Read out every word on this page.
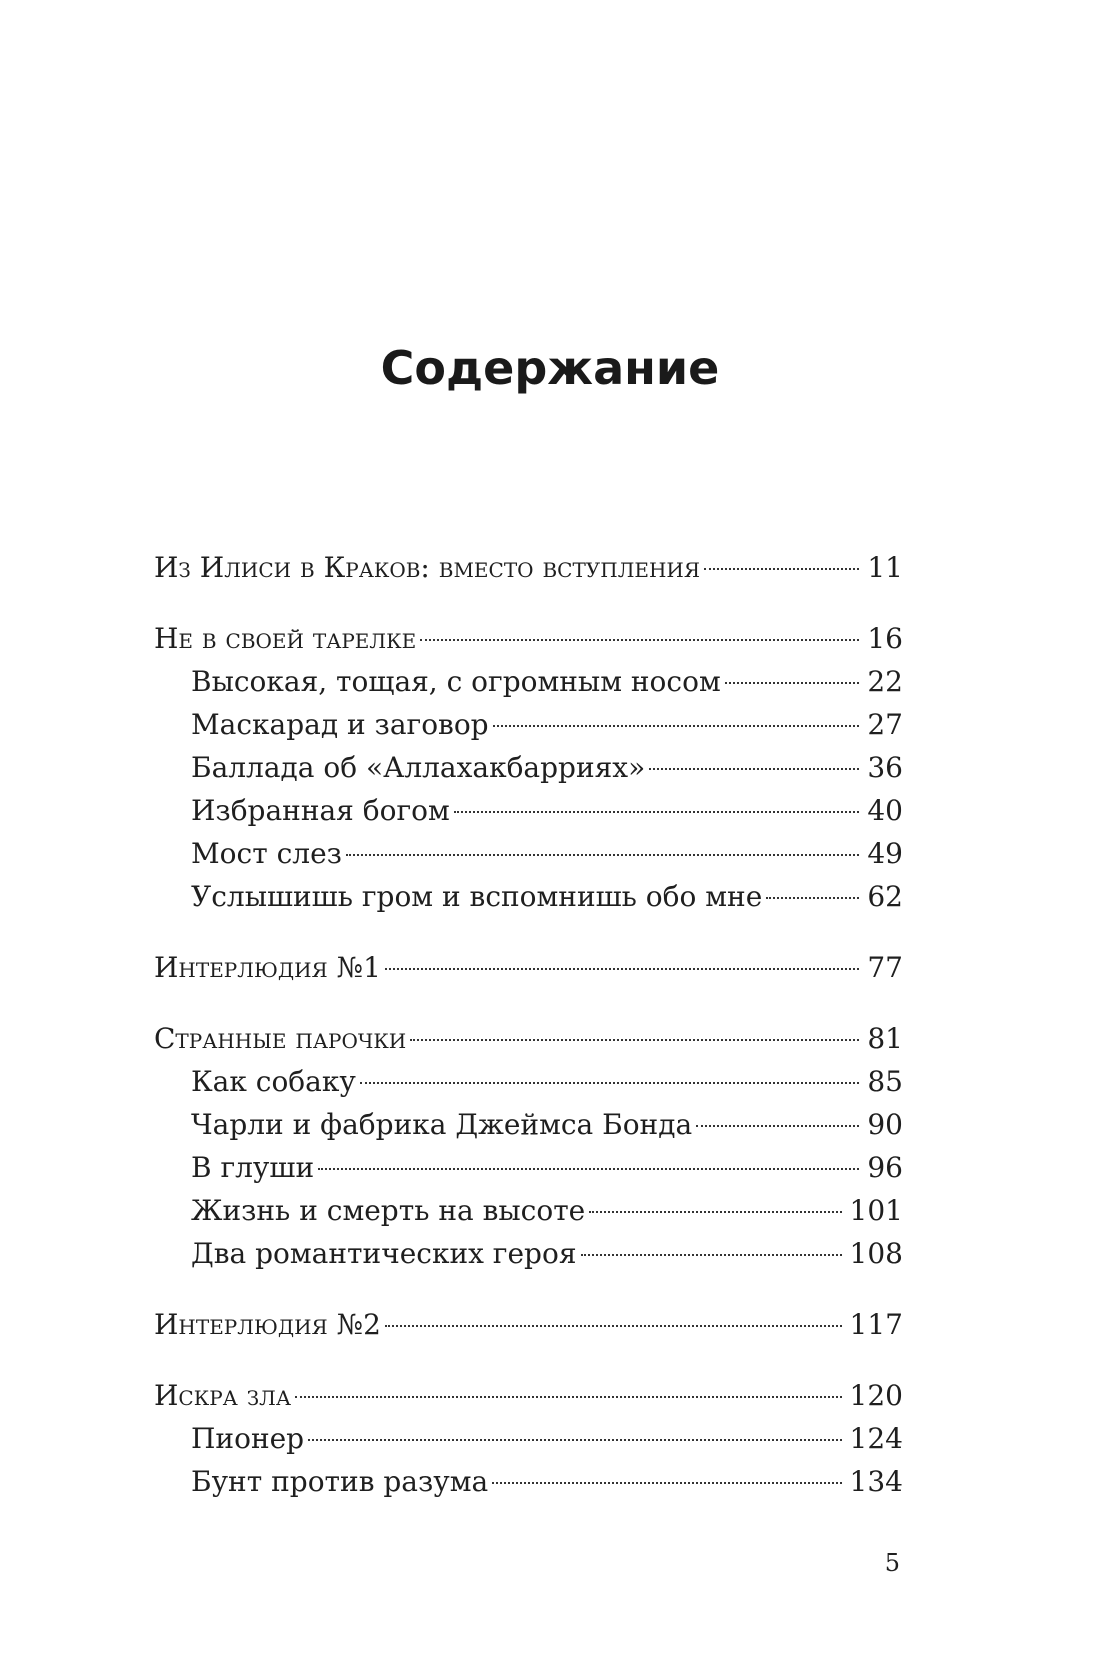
Содержание
Из Илиси в Краков: вместо вступления	11
Не в своей тарелке	16
Высокая, тощая, с огромным носом	22
Маскарад и заговор	27
Баллада об «Аллахакбарриях»	36
Избранная богом	40
Мост слез	49
Услышишь гром и вспомнишь обо мне	62
Интерлюдия №1	77
Странные парочки	81
Как собаку	85
Чарли и фабрика Джеймса Бонда	90
В глуши	96
Жизнь и смерть на высоте	101
Два романтических героя	108
Интерлюдия №2	117
Искра зла	120
Пионер	124
Бунт против разума	134
5
